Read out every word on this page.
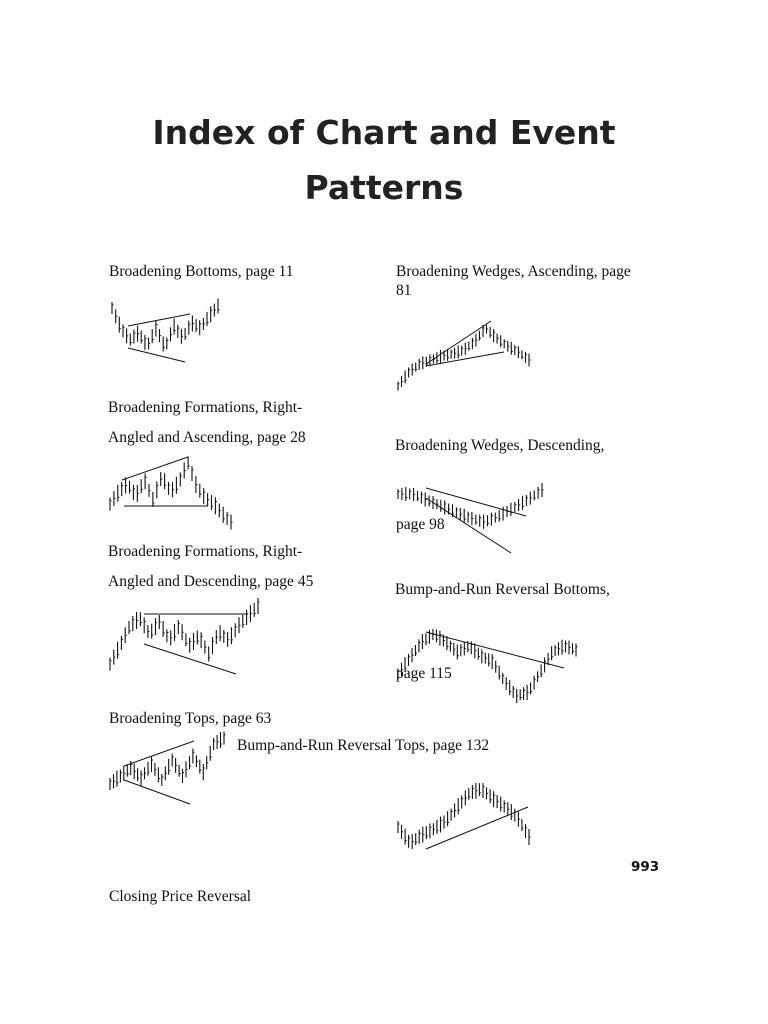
Index of Chart and Event
Patterns
Broadening Bottoms, page 11
Broadening Formations, Right-
Angled and Ascending, page 28
Broadening Formations, Right-
Angled and Descending, page 45
Broadening Tops, page 63
Closing Price Reversal
Broadening Wedges, Ascending, page
81
Broadening Wedges, Descending,
page 98
Bump-and-Run Reversal Bottoms,
page 115
Bump-and-Run Reversal Tops, page 132
993
